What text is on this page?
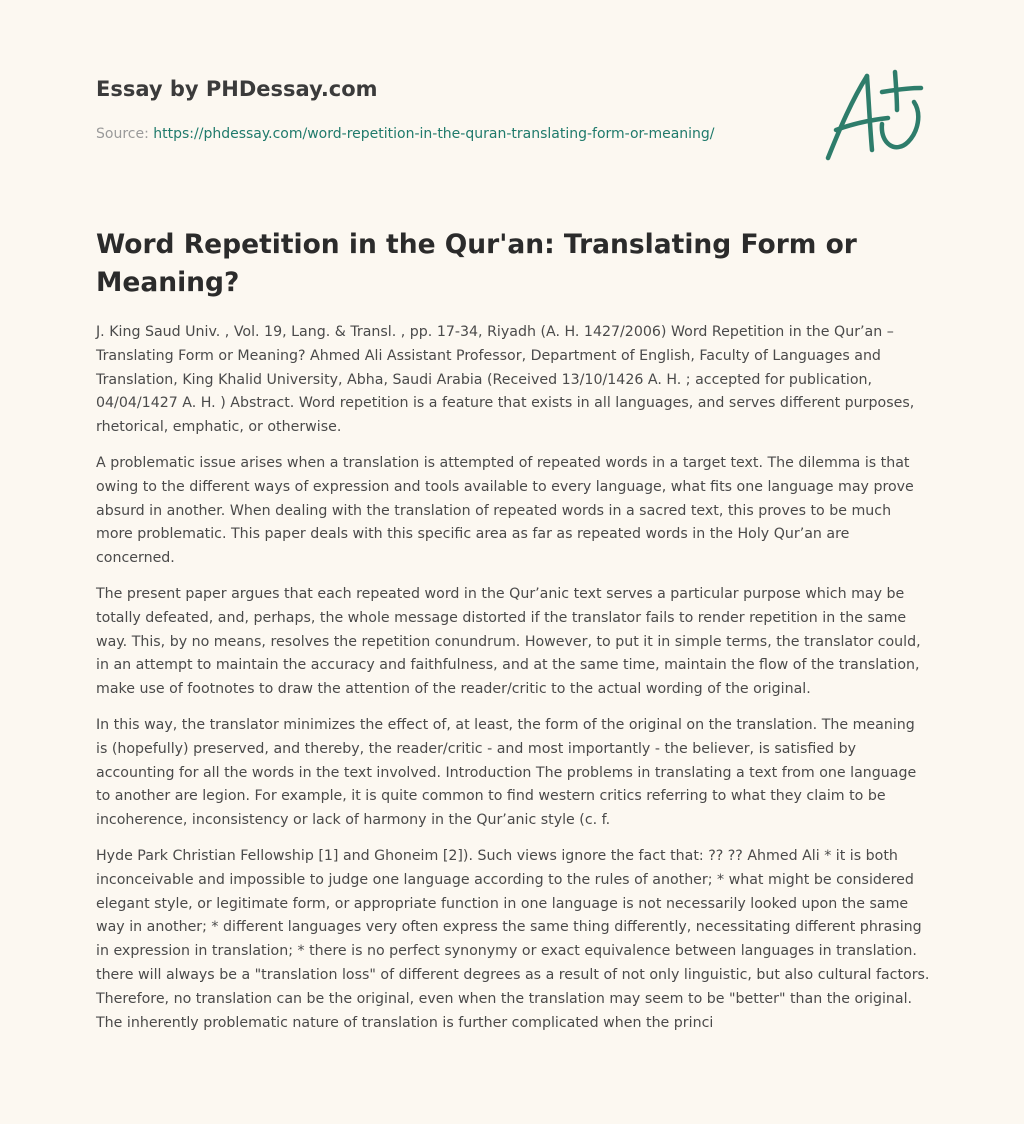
Essay by PHDessay.com
Source: https://phdessay.com/word-repetition-in-the-quran-translating-form-or-meaning/
Word Repetition in the Qur'an: Translating Form or Meaning?

J. King Saud Univ. , Vol. 19, Lang. & Transl. , pp. 17-34, Riyadh (A. H. 1427/2006) Word Repetition in the Qur’an – Translating Form or Meaning? Ahmed Ali Assistant Professor, Department of English, Faculty of Languages and Translation, King Khalid University, Abha, Saudi Arabia (Received 13/10/1426 A. H. ; accepted for publication, 04/04/1427 A. H. ) Abstract. Word repetition is a feature that exists in all languages, and serves different purposes, rhetorical, emphatic, or otherwise.

A problematic issue arises when a translation is attempted of repeated words in a target text. The dilemma is that owing to the different ways of expression and tools available to every language, what fits one language may prove absurd in another. When dealing with the translation of repeated words in a sacred text, this proves to be much more problematic. This paper deals with this specific area as far as repeated words in the Holy Qur’an are concerned.

The present paper argues that each repeated word in the Qur’anic text serves a particular purpose which may be totally defeated, and, perhaps, the whole message distorted if the translator fails to render repetition in the same way. This, by no means, resolves the repetition conundrum. However, to put it in simple terms, the translator could, in an attempt to maintain the accuracy and faithfulness, and at the same time, maintain the flow of the translation, make use of footnotes to draw the attention of the reader/critic to the actual wording of the original.

In this way, the translator minimizes the effect of, at least, the form of the original on the translation. The meaning is (hopefully) preserved, and thereby, the reader/critic - and most importantly - the believer, is satisfied by accounting for all the words in the text involved. Introduction The problems in translating a text from one language to another are legion. For example, it is quite common to find western critics referring to what they claim to be incoherence, inconsistency or lack of harmony in the Qur’anic style (c. f.

Hyde Park Christian Fellowship [1] and Ghoneim [2]). Such views ignore the fact that: ?? ?? Ahmed Ali * it is both inconceivable and impossible to judge one language according to the rules of another; * what might be considered elegant style, or legitimate form, or appropriate function in one language is not necessarily looked upon the same way in another; * different languages very often express the same thing differently, necessitating different phrasing in expression in translation; * there is no perfect synonymy or exact equivalence between languages in translation. there will always be a "translation loss" of different degrees as a result of not only linguistic, but also cultural factors. Therefore, no translation can be the original, even when the translation may seem to be "better" than the original. The inherently problematic nature of translation is further complicated when the princi
